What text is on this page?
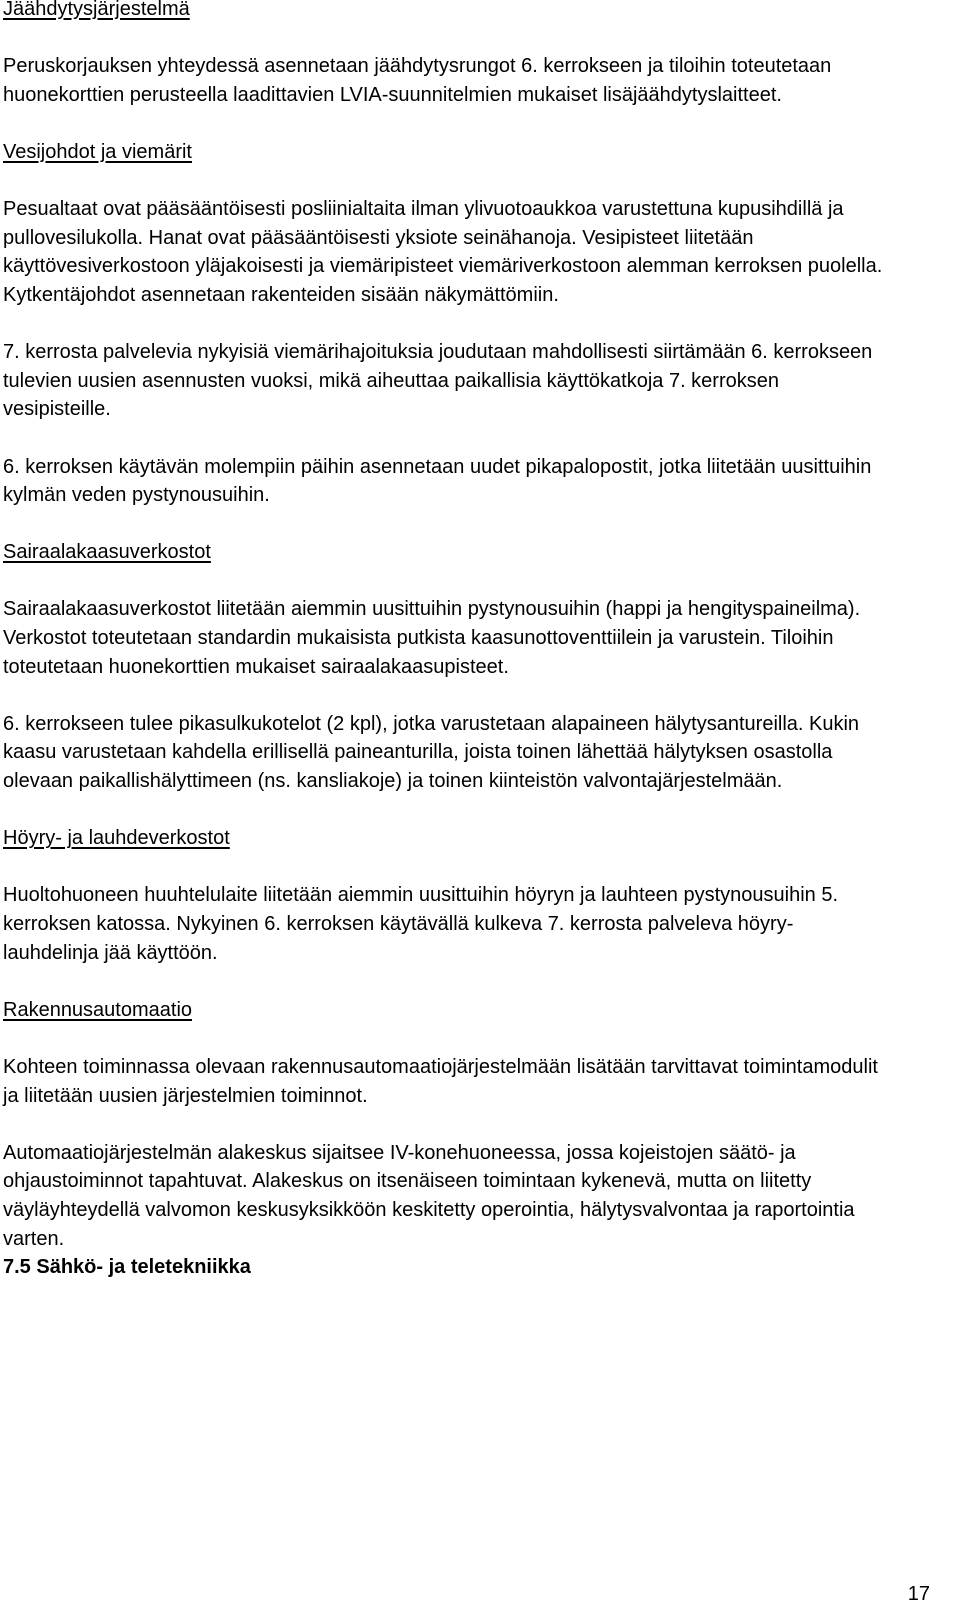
Jäähdytysjärjestelmä

Peruskorjauksen yhteydessä asennetaan jäähdytysrungot 6. kerrokseen ja tiloihin toteutetaan huonekorttien perusteella laadittavien LVIA-suunnitelmien mukaiset lisäjäähdytyslaitteet.

Vesijohdot ja viemärit

Pesualtaat ovat pääsääntöisesti posliinialtaita ilman ylivuotoaukkoa varustettuna kupusihdillä ja pullovesilukolla. Hanat ovat pääsääntöisesti yksiote seinähanoja. Vesipisteet liitetään käyttövesiverkostoon yläjakoisesti ja viemäripisteet viemäriverkostoon alemman kerroksen puolella. Kytkentäjohdot asennetaan rakenteiden sisään näkymättömiin.

7. kerrosta palvelevia nykyisiä viemärihajoituksia joudutaan mahdollisesti siirtämään 6. kerrokseen tulevien uusien asennusten vuoksi, mikä aiheuttaa paikallisia käyttökatkoja 7. kerroksen vesipisteille.

6. kerroksen käytävän molempiin päihin asennetaan uudet pikapalopostit, jotka liitetään uusittuihin kylmän veden pystynousuihin.

Sairaalakaasuverkostot

Sairaalakaasuverkostot liitetään aiemmin uusittuihin pystynousuihin (happi ja hengityspaineilma). Verkostot toteutetaan standardin mukaisista putkista kaasunottoventtiilein ja varustein. Tiloihin toteutetaan huonekorttien mukaiset sairaalakaasupisteet.

6. kerrokseen tulee pikasulkukotelot (2 kpl), jotka varustetaan alapaineen hälytysantureilla. Kukin kaasu varustetaan kahdella erillisellä paineanturilla, joista toinen lähettää hälytyksen osastolla olevaan paikallishälyttimeen (ns. kansliakoje) ja toinen kiinteistön valvontajärjestelmään.

Höyry- ja lauhdeverkostot

Huoltohuoneen huuhtelulaite liitetään aiemmin uusittuihin höyryn ja lauhteen pystynousuihin 5. kerroksen katossa. Nykyinen 6. kerroksen käytävällä kulkeva 7. kerrosta palveleva höyry-lauhdelinja jää käyttöön.

Rakennusautomaatio

Kohteen toiminnassa olevaan rakennusautomaatiojärjestelmään lisätään tarvittavat toimintamodulit ja liitetään uusien järjestelmien toiminnot.

Automaatiojärjestelmän alakeskus sijaitsee IV-konehuoneessa, jossa kojeistojen säätö- ja ohjaustoiminnot tapahtuvat. Alakeskus on itsenäiseen toimintaan kykenevä, mutta on liitetty väyläyhteydellä valvomon keskusyksikköön keskitetty operointia, hälytysvalvontaa ja raportointia varten.

7.5 Sähkö- ja teletekniikka

17
